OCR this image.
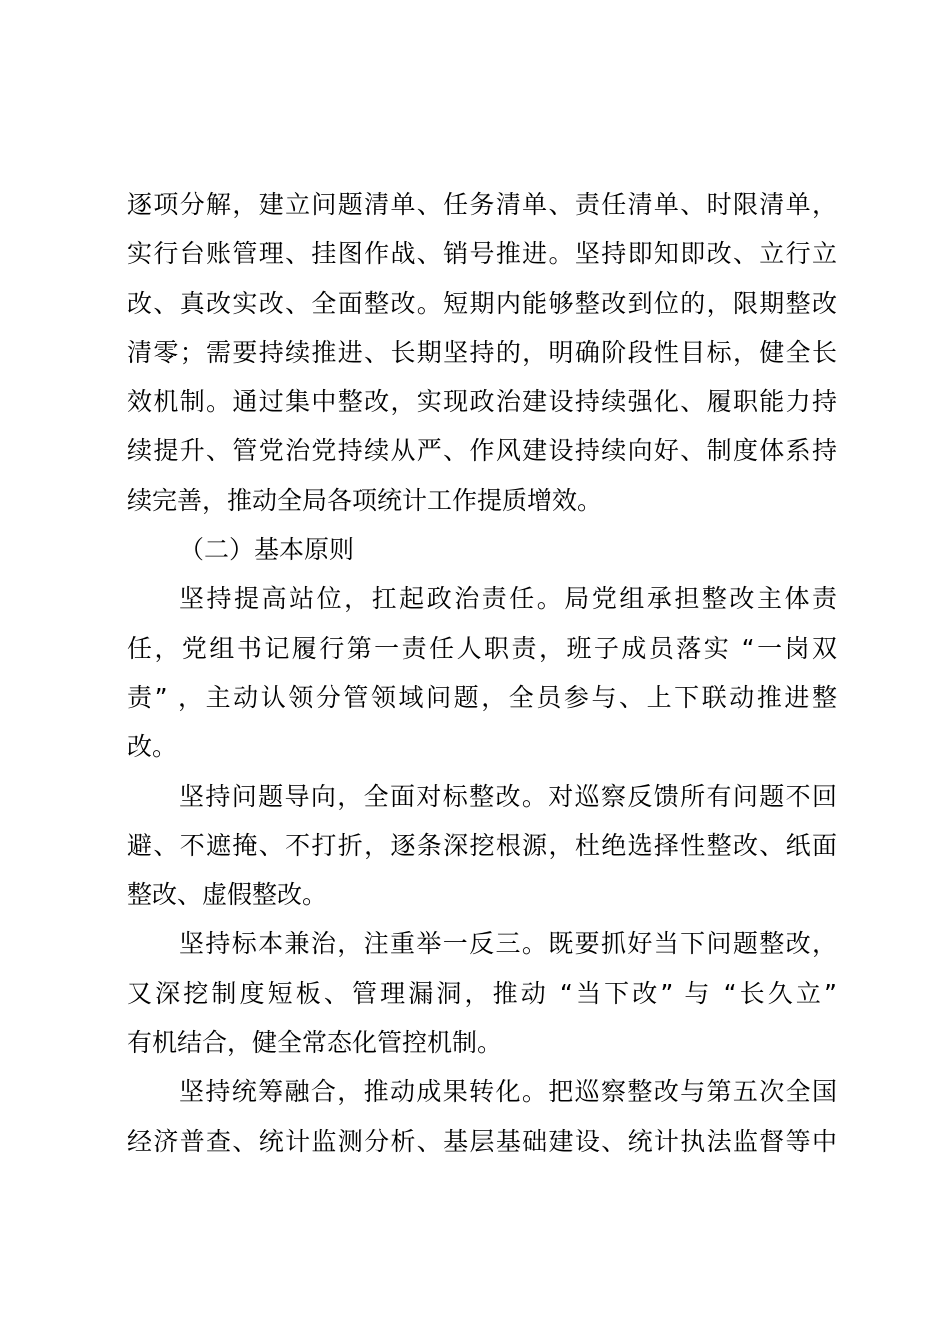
逐项分解，建立问题清单、任务清单、责任清单、时限清单，
实行台账管理、挂图作战、销号推进。坚持即知即改、立行立
改、真改实改、全面整改。短期内能够整改到位的，限期整改
清零；需要持续推进、长期坚持的，明确阶段性目标，健全长
效机制。通过集中整改，实现政治建设持续强化、履职能力持
续提升、管党治党持续从严、作风建设持续向好、制度体系持
续完善，推动全局各项统计工作提质增效。
（二）基本原则
坚持提高站位，扛起政治责任。局党组承担整改主体责
任，党组书记履行第一责任人职责，班子成员落实 “一岗双
责” ，主动认领分管领域问题，全员参与、上下联动推进整
改。
坚持问题导向，全面对标整改。对巡察反馈所有问题不回
避、不遮掩、不打折，逐条深挖根源，杜绝选择性整改、纸面
整改、虚假整改。
坚持标本兼治，注重举一反三。既要抓好当下问题整改，
又深挖制度短板、管理漏洞，推动 “当下改” 与 “长久立”
有机结合，健全常态化管控机制。
坚持统筹融合，推动成果转化。把巡察整改与第五次全国
经济普查、统计监测分析、基层基础建设、统计执法监督等中
